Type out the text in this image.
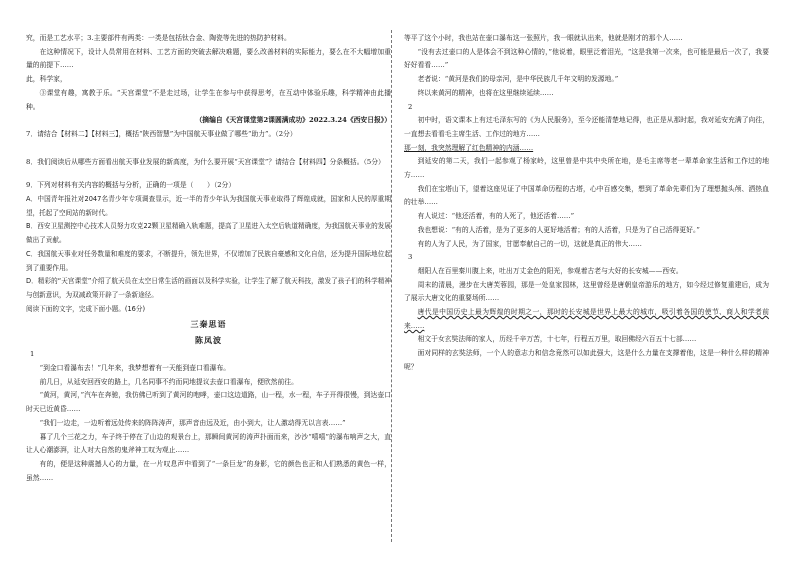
究，而是工艺水平；3.主要部件有两类：一类是包括钛合金、陶瓷等先进的热防护材料。

在这种情况下，设计人员常用在材料、工艺方面的突破去解决难题，要么改善材料的实际能力，要么在不大幅增加重量的前提下……

此，科学家，

③课堂有趣，寓教于乐。“天宫课堂”不是走过场，让学生在参与中获得思考，在互动中体验乐趣，科学精神由此播种。

（摘编自《天宫课堂第2课圆满成功》2022.3.24《西安日报》）

7．请结合【材料二】【材料三】，概括“陕西智慧”为中国航天事业做了哪些“助力”。（2分）

8．我们阅读后从哪些方面看出航天事业发展的新高度，为什么要开展“天宫课堂”？请结合【材料四】分条概括。（5分）

9．下列对材料有关内容的概括与分析，正确的一项是（　　）（2分）

A．中国青年报社对2047名青少年专项调查显示，近一半的青少年认为我国航天事业取得了辉煌成就，国家和人民的厚重期望，托起了空间站的新时代。

B．西安卫星测控中心技术人员努力攻克22颗卫星精确入轨难题，提高了卫星进入太空后轨道精确度，为我国航天事业的发展做出了贡献。

C．我国航天事业对任务数量和难度的要求，不断提升，领先世界，不仅增加了民族自豪感和文化自信，还为提升国际地位起到了重要作用。

D．精彩的“天宫课堂”介绍了航天员在太空日常生活的画面以及科学实验，让学生了解了航天科技，激发了孩子们的科学精神与创新意识，为双减政策开辟了一条新途径。

阅读下面的文字，完成下面小题。(16分)

三秦思语

陈凤波

1

“到金口看瀑布去！”几年来，我梦想着有一天能到壶口看瀑布。

前几日，从延安回西安的路上，几名同事不约而同地提议去壶口看瀑布，便欣然前往。

“黄河，黄河，”汽车在奔驰，我仿佛已听到了黄河的咆哮，壶口这边道路，山一程，水一程，车子开得很慢，到达壶口时天已近黄昏……

“我们一边走，一边听着远处传来的阵阵涛声，那声音由远及近，由小到大，让人激动得无以言表……”

暮了几个三花之力，车子终于停在了山边的观景台上，那瞬间黄河的涛声扑面而来，沙沙“嘻嘻”的瀑布响声之大，直让人心潮澎湃，让人对大自然的鬼斧神工叹为观止……

有的，便是这种震撼人心的力量，在一片叹息声中看到了“一条巨龙”的身影，它的颜色也正和人们熟悉的黄色一样，虽然……

等平了这个小时，我也站在壶口瀑布这一张照片，我一眼就认出来，他就是刚才的那个人……

“没有去过壶口的人是体会不到这种心情的，”他说着，眼里泛着泪光，“这是我第一次来，也可能是最后一次了，我要好好看看……”

老者说：“黄河是我们的母亲河，是中华民族几千年文明的发源地。”

终以来黄河的精神，也将在这里继续延续……

2

初中时，语文课本上有过毛泽东写的《为人民服务》，至今还能清楚地记得，也正是从那时起，我对延安充满了向往，一直想去看看毛主席生活、工作过的地方……

那一刻，我突然理解了红色精神的内涵……

到延安的第二天，我们一起参观了杨家岭，这里曾是中共中央所在地，是毛主席等老一辈革命家生活和工作过的地方……

我们在宝塔山下，望着这座见证了中国革命历程的古塔，心中百感交集，想到了革命先辈们为了理想抛头颅、洒热血的壮举……

有人说过：“他还活着，有的人死了，他还活着……”

我也想说：“有的人活着，是为了更多的人更好地活着；有的人活着，只是为了自己活得更好。”

有的人为了人民，为了国家，甘愿奉献自己的一切，这就是真正的伟大……

3

烟阳人在百里秦川腹上来，吐出万丈金色的阳光，参观着古老与大好的长安城——西安。

周末的清晨，漫步在大唐芙蓉园，那是一处皇家园林，这里曾经是唐朝皇帝游乐的地方，如今经过修复重建后，成为了展示大唐文化的重要场所……

唐代是中国历史上最为辉煌的时期之一，那时的长安城是世界上最大的城市，吸引着各国的使节、商人和学者前来……

相文于女玄奘法师的家人，历经千辛万苦，十七年，行程五万里，取回佛经六百五十七部……

面对同样的玄奘法师，一个人的意志力和信念竟然可以如此强大，这是什么力量在支撑着他，这是一种什么样的精神呢？
